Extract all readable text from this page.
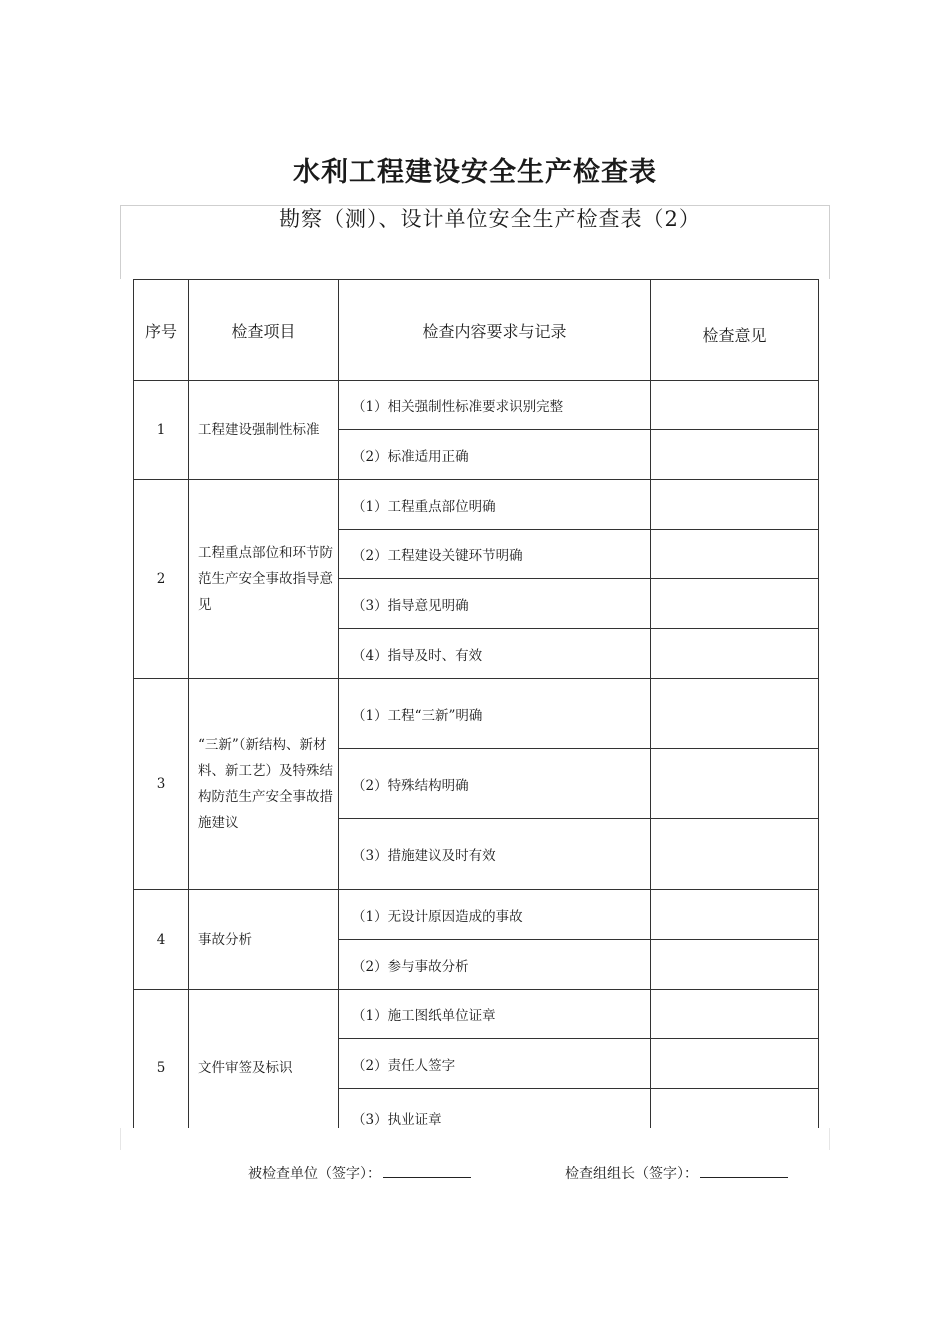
水利工程建设安全生产检查表
勘察（测）、设计单位安全生产检查表（2）
序号	检查项目	检查内容要求与记录	检查意见
1	工程建设强制性标准	（1）相关强制性标准要求识别完整	
		（2）标准适用正确	
2	工程重点部位和环节防范生产安全事故指导意见	（1）工程重点部位明确	
		（2）工程建设关键环节明确	
		（3）指导意见明确	
		（4）指导及时、有效	
3	“三新”（新结构、新材料、新工艺）及特殊结构防范生产安全事故措施建议	（1）工程“三新”明确	
		（2）特殊结构明确	
		（3）措施建议及时有效	
4	事故分析	（1）无设计原因造成的事故	
		（2）参与事故分析	
5	文件审签及标识	（1）施工图纸单位证章	
		（2）责任人签字	
		（3）执业证章	
被检查单位（签字）：	检查组组长（签字）：
